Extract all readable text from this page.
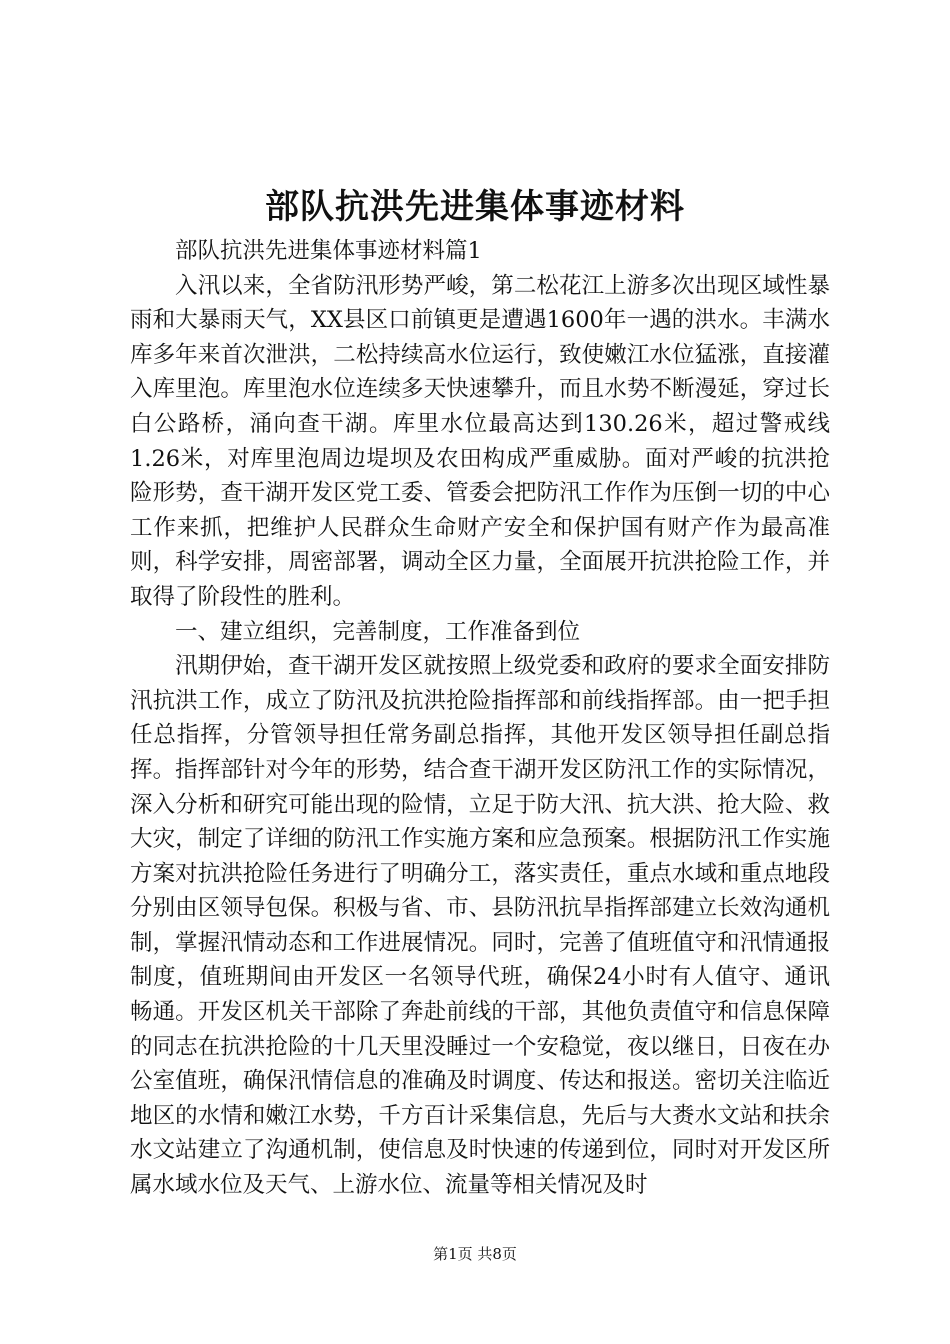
部队抗洪先进集体事迹材料

部队抗洪先进集体事迹材料篇1

入汛以来，全省防汛形势严峻，第二松花江上游多次出现区域性暴雨和大暴雨天气，XX县区口前镇更是遭遇1600年一遇的洪水。丰满水库多年来首次泄洪，二松持续高水位运行，致使嫩江水位猛涨，直接灌入库里泡。库里泡水位连续多天快速攀升，而且水势不断漫延，穿过长白公路桥，涌向查干湖。库里水位最高达到130.26米，超过警戒线1.26米，对库里泡周边堤坝及农田构成严重威胁。面对严峻的抗洪抢险形势，查干湖开发区党工委、管委会把防汛工作作为压倒一切的中心工作来抓，把维护人民群众生命财产安全和保护国有财产作为最高准则，科学安排，周密部署，调动全区力量，全面展开抗洪抢险工作，并取得了阶段性的胜利。

一、建立组织，完善制度，工作准备到位

汛期伊始，查干湖开发区就按照上级党委和政府的要求全面安排防汛抗洪工作，成立了防汛及抗洪抢险指挥部和前线指挥部。由一把手担任总指挥，分管领导担任常务副总指挥，其他开发区领导担任副总指挥。指挥部针对今年的形势，结合查干湖开发区防汛工作的实际情况，深入分析和研究可能出现的险情，立足于防大汛、抗大洪、抢大险、救大灾，制定了详细的防汛工作实施方案和应急预案。根据防汛工作实施方案对抗洪抢险任务进行了明确分工，落实责任，重点水域和重点地段分别由区领导包保。积极与省、市、县防汛抗旱指挥部建立长效沟通机制，掌握汛情动态和工作进展情况。同时，完善了值班值守和汛情通报制度，值班期间由开发区一名领导代班，确保24小时有人值守、通讯畅通。开发区机关干部除了奔赴前线的干部，其他负责值守和信息保障的同志在抗洪抢险的十几天里没睡过一个安稳觉，夜以继日，日夜在办公室值班，确保汛情信息的准确及时调度、传达和报送。密切关注临近地区的水情和嫩江水势，千方百计采集信息，先后与大赉水文站和扶余水文站建立了沟通机制，使信息及时快速的传递到位，同时对开发区所属水域水位及天气、上游水位、流量等相关情况及时

第1页 共8页
